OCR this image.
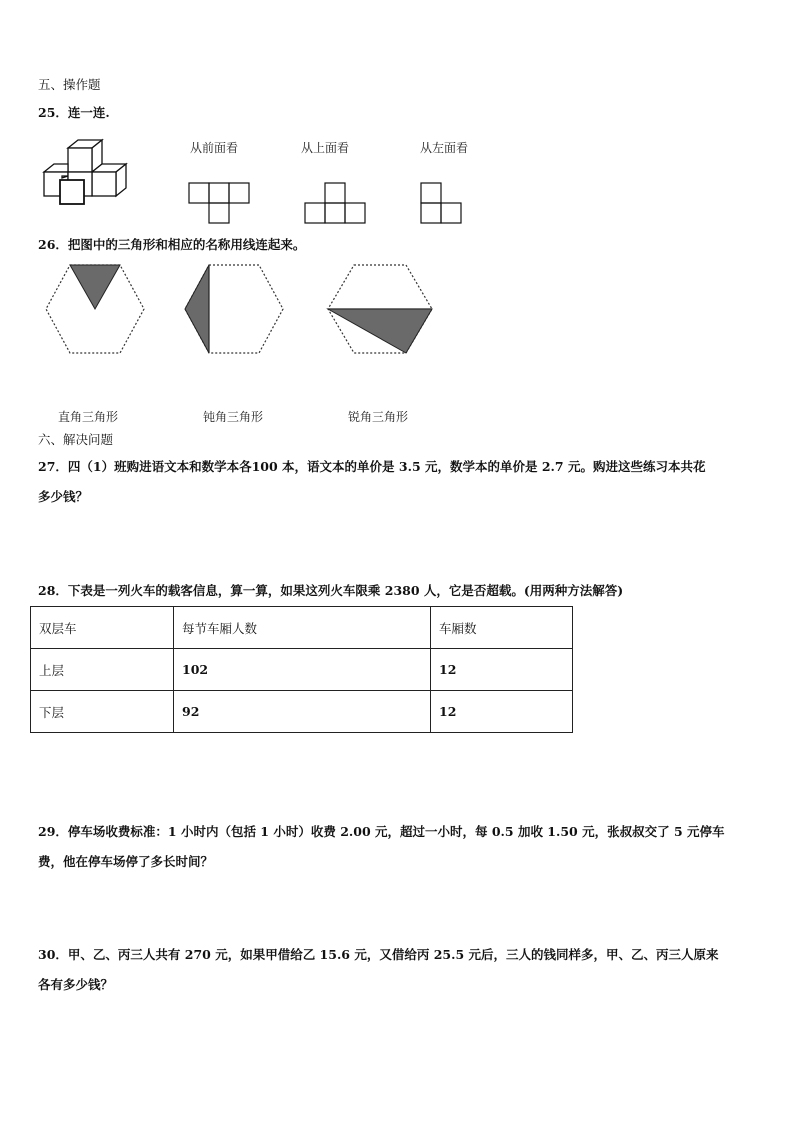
五、操作题
25．连一连.
从前面看	从上面看	从左面看
26．把图中的三角形和相应的名称用线连起来。
直角三角形	钝角三角形	锐角三角形
六、解决问题
27．四（1）班购进语文本和数学本各100 本，语文本的单价是 3.5 元，数学本的单价是 2.7 元。购进这些练习本共花
多少钱？
28．下表是一列火车的载客信息，算一算，如果这列火车限乘 2380 人，它是否超载。(用两种方法解答)
双层车	每节车厢人数	车厢数
上层	102	12
下层	92	12
29．停车场收费标准：1 小时内（包括 1 小时）收费 2.00 元，超过一小时，每 0.5 加收 1.50 元，张叔叔交了 5 元停车
费，他在停车场停了多长时间？
30．甲、乙、丙三人共有 270 元，如果甲借给乙 15.6 元，又借给丙 25.5 元后，三人的钱同样多，甲、乙、丙三人原来
各有多少钱？
